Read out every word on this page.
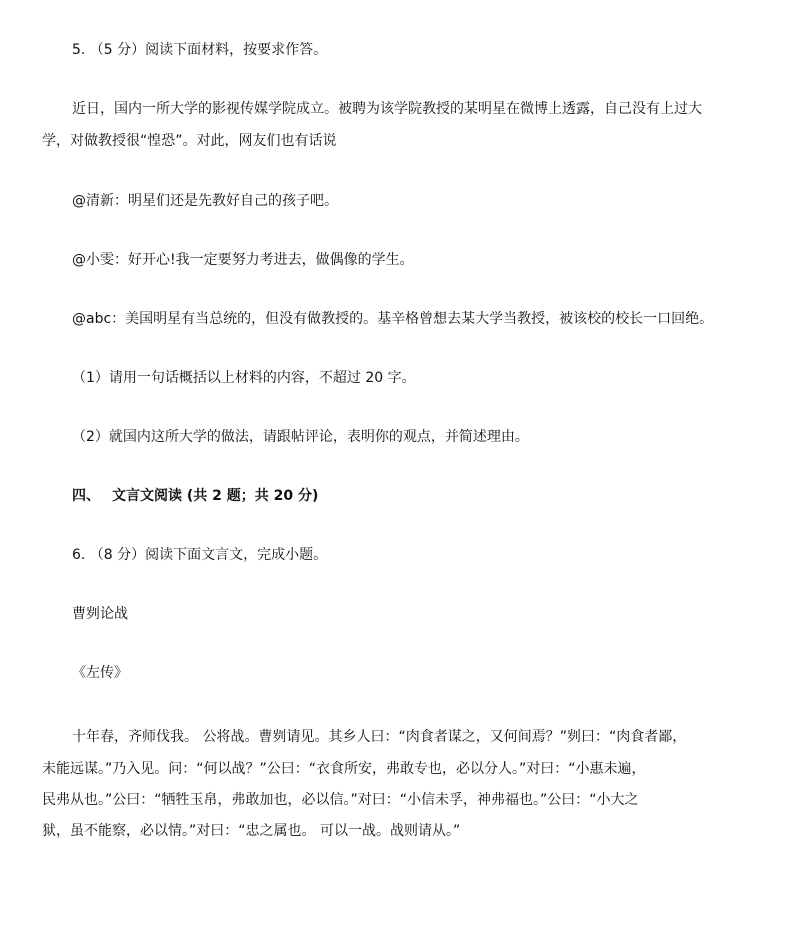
5. （5 分）阅读下面材料，按要求作答。
近日，国内一所大学的影视传媒学院成立。被聘为该学院教授的某明星在微博上透露，自己没有上过大
学，对做教授很“惶恐”。对此，网友们也有话说
@清新：明星们还是先教好自己的孩子吧。
@小雯：好开心!我一定要努力考进去，做偶像的学生。
@abc：美国明星有当总统的，但没有做教授的。基辛格曾想去某大学当教授，被该校的校长一口回绝。
（1）请用一句话概括以上材料的内容，不超过 20 字。
（2）就国内这所大学的做法，请跟帖评论，表明你的观点，并简述理由。
四、 文言文阅读 (共 2 题；共 20 分)
6. （8 分）阅读下面文言文，完成小题。
曹刿论战
《左传》
十年春，齐师伐我。 公将战。曹刿请见。其乡人曰：“肉食者谋之，又何间焉？”刿曰：“肉食者鄙，
未能远谋。”乃入见。问：“何以战？”公曰：“衣食所安，弗敢专也，必以分人。”对曰：“小惠未遍，
民弗从也。”公曰：“牺牲玉帛，弗敢加也，必以信。”对曰：“小信未孚，神弗福也。”公曰：“小大之
狱，虽不能察，必以情。”对曰：“忠之属也。 可以一战。战则请从。”
